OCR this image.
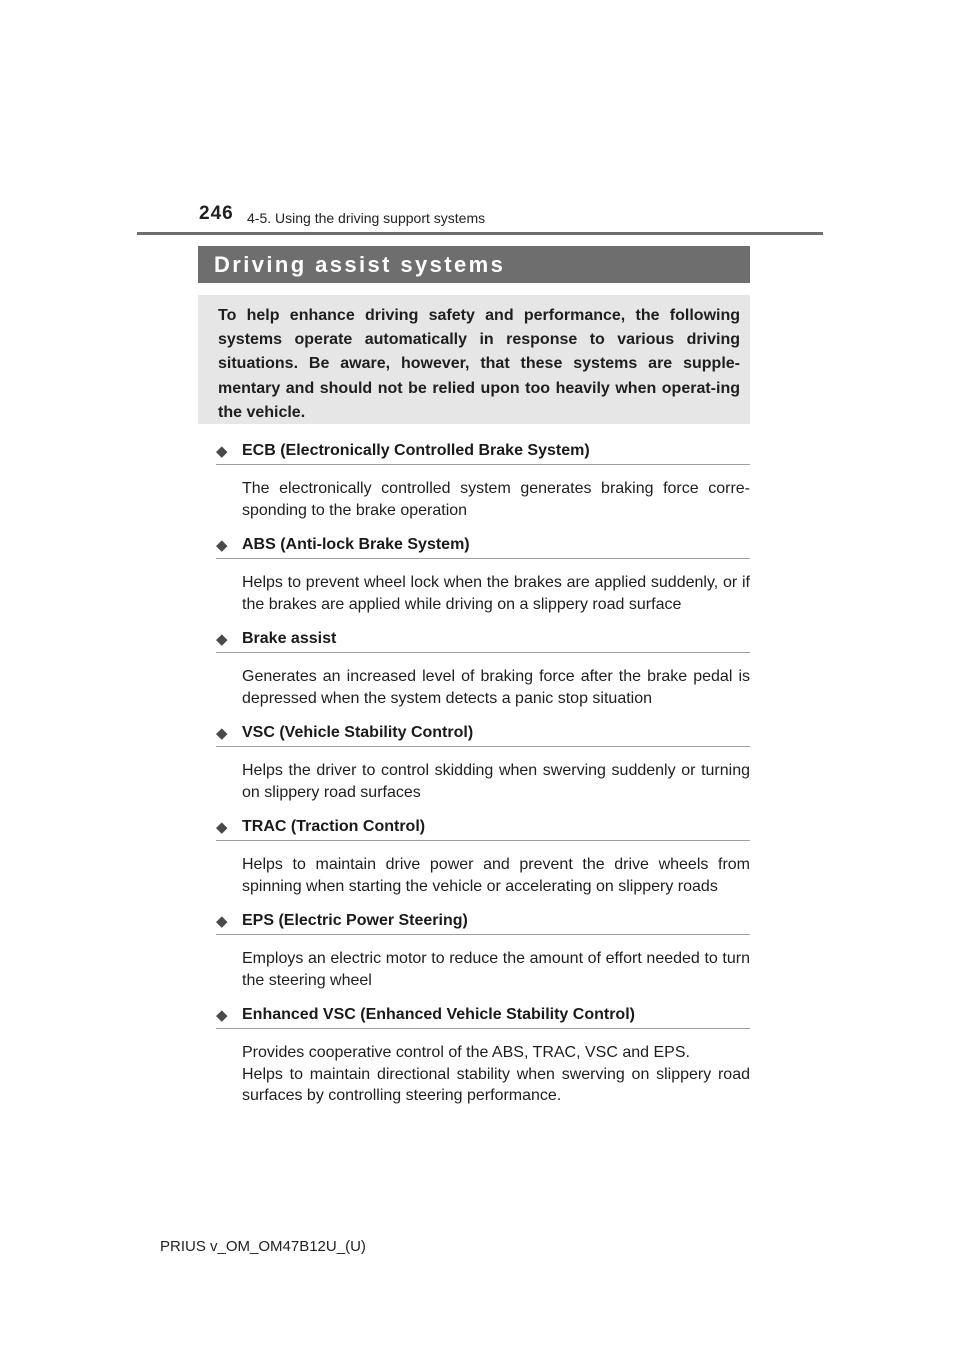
246 4-5. Using the driving support systems
Driving assist systems

To help enhance driving safety and performance, the following systems operate automatically in response to various driving situations. Be aware, however, that these systems are supple-mentary and should not be relied upon too heavily when operat-ing the vehicle.

◆ ECB (Electronically Controlled Brake System)

The electronically controlled system generates braking force corre-sponding to the brake operation

◆ ABS (Anti-lock Brake System)

Helps to prevent wheel lock when the brakes are applied suddenly, or if the brakes are applied while driving on a slippery road surface

◆ Brake assist

Generates an increased level of braking force after the brake pedal is depressed when the system detects a panic stop situation

◆ VSC (Vehicle Stability Control)

Helps the driver to control skidding when swerving suddenly or turning on slippery road surfaces

◆ TRAC (Traction Control)

Helps to maintain drive power and prevent the drive wheels from spinning when starting the vehicle or accelerating on slippery roads

◆ EPS (Electric Power Steering)

Employs an electric motor to reduce the amount of effort needed to turn the steering wheel

◆ Enhanced VSC (Enhanced Vehicle Stability Control)

Provides cooperative control of the ABS, TRAC, VSC and EPS.
Helps to maintain directional stability when swerving on slippery road surfaces by controlling steering performance.

PRIUS v_OM_OM47B12U_(U)
